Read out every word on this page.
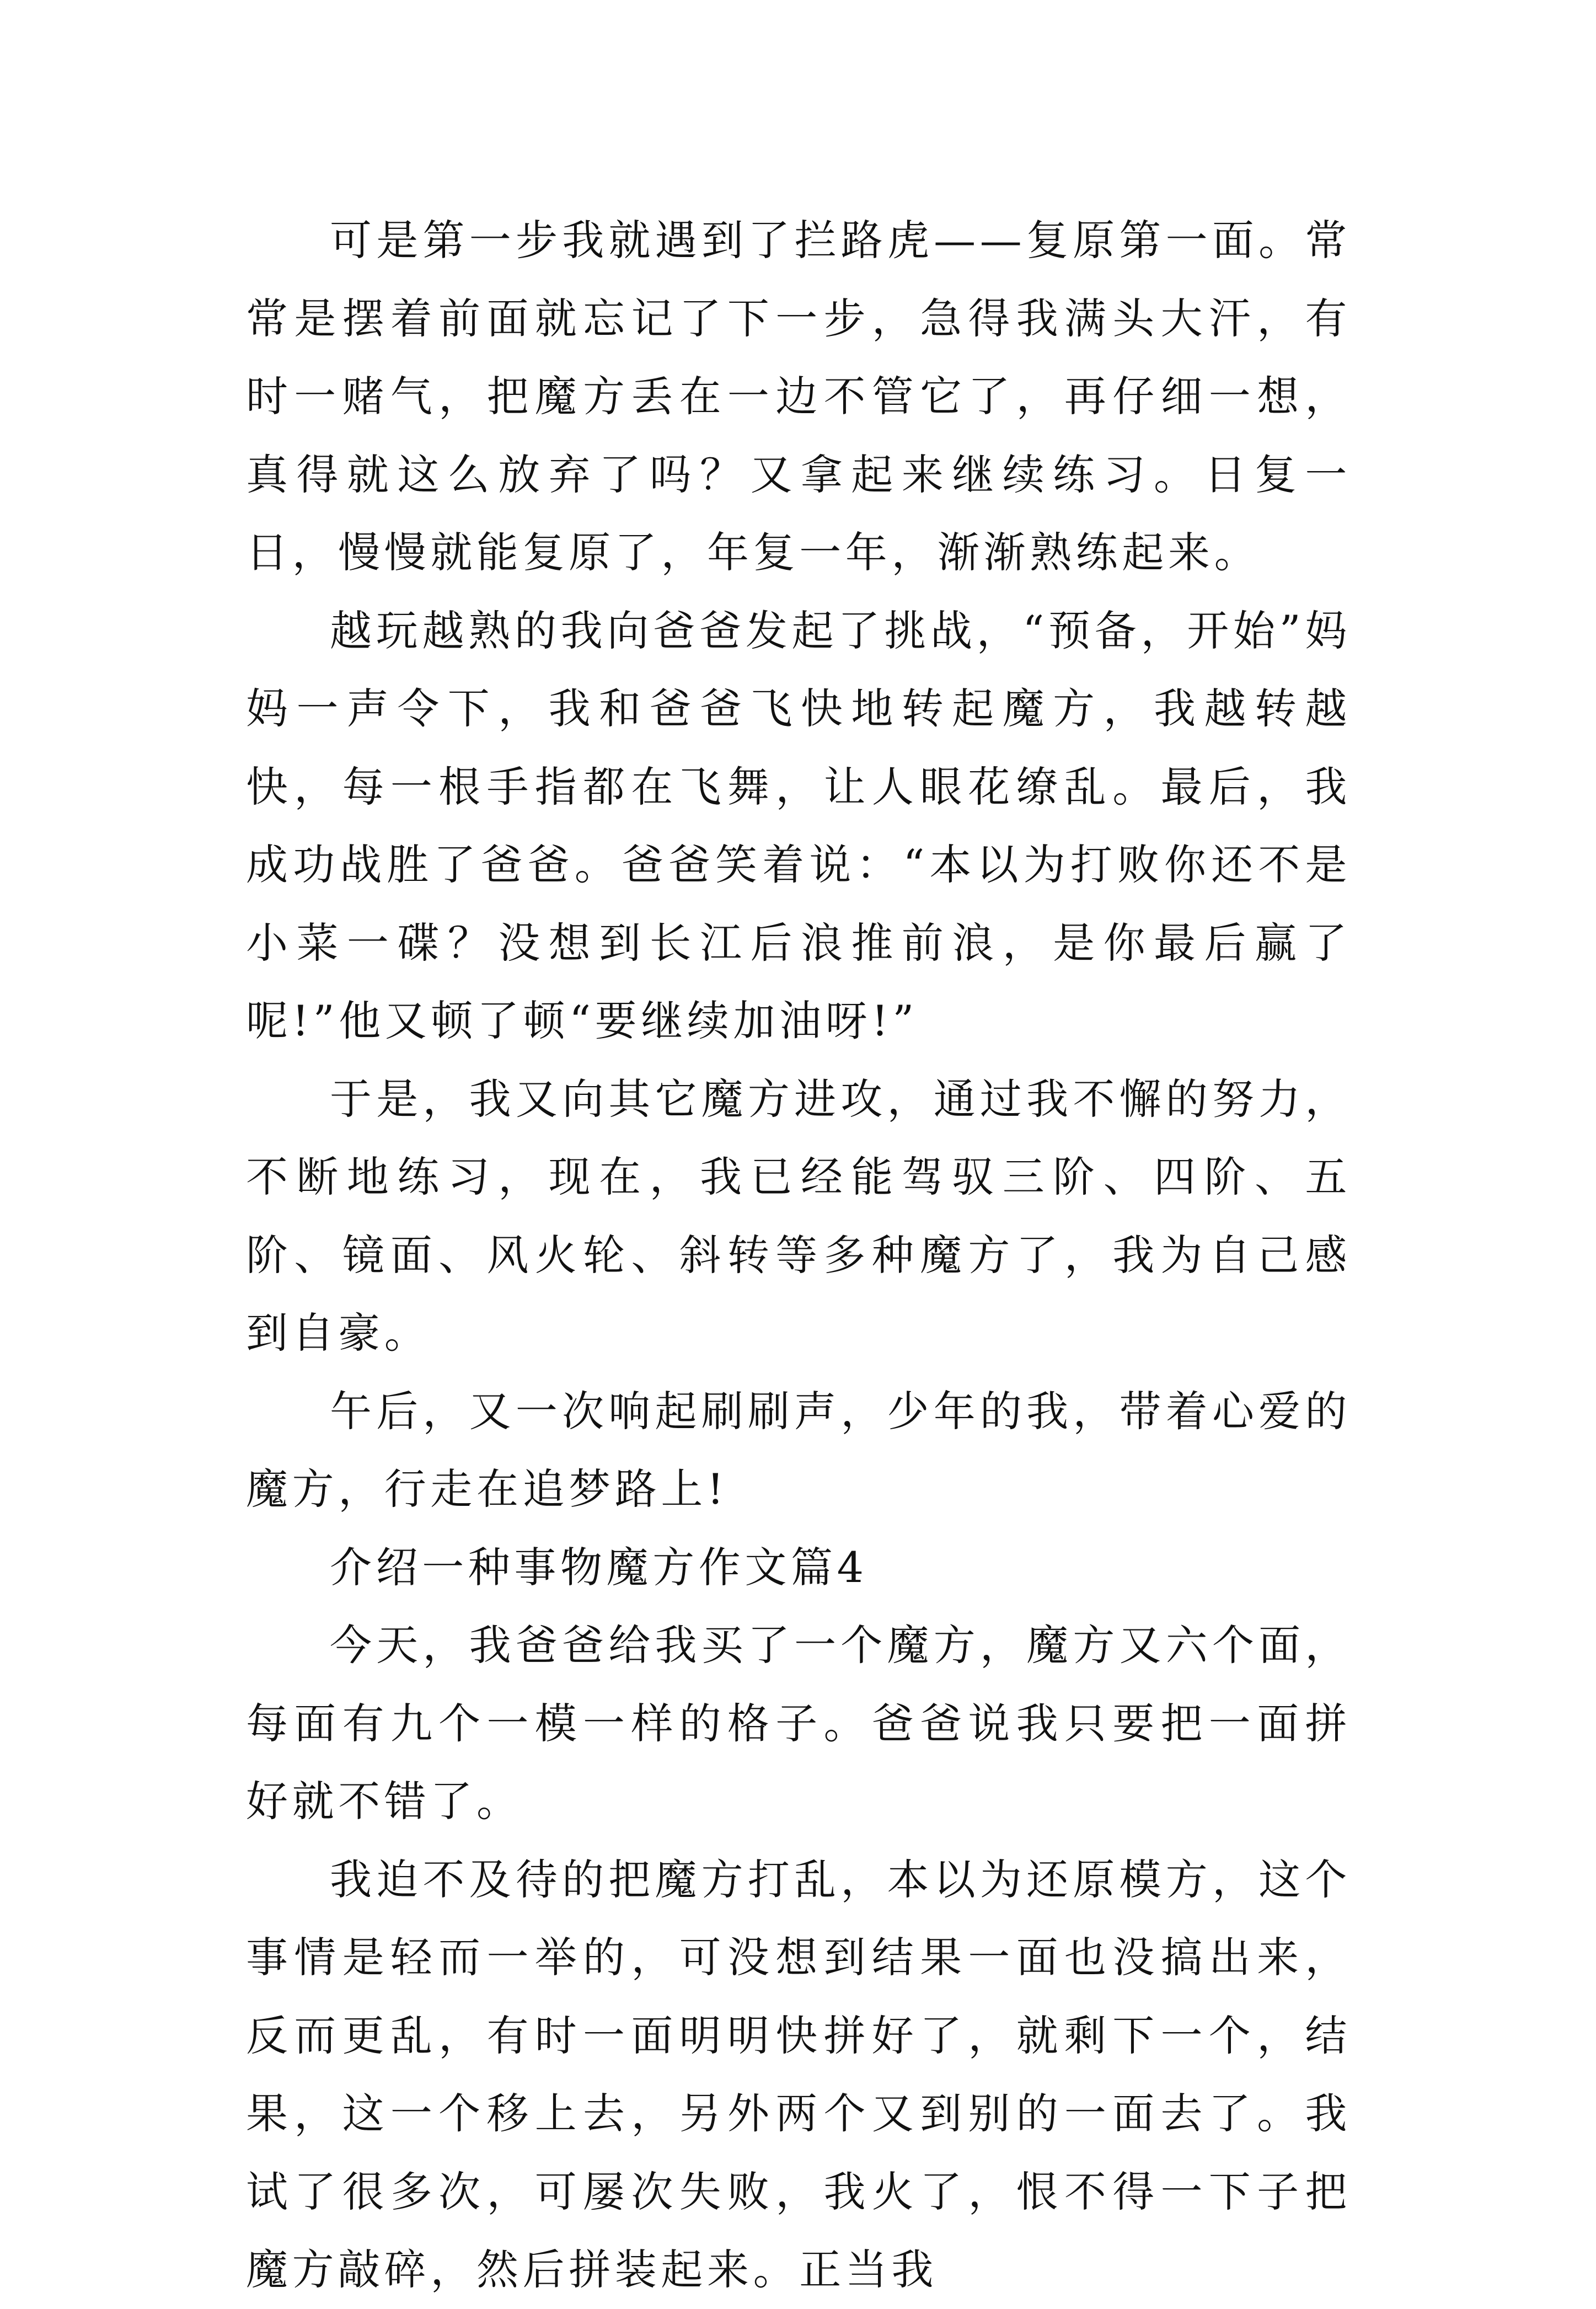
可是第一步我就遇到了拦路虎——复原第一面。常常是摆着前面就忘记了下一步，急得我满头大汗，有时一赌气，把魔方丢在一边不管它了，再仔细一想，真得就这么放弃了吗？又拿起来继续练习。日复一日，慢慢就能复原了，年复一年，渐渐熟练起来。

越玩越熟的我向爸爸发起了挑战，“预备，开始”妈妈一声令下，我和爸爸飞快地转起魔方，我越转越快，每一根手指都在飞舞，让人眼花缭乱。最后，我成功战胜了爸爸。爸爸笑着说：“本以为打败你还不是小菜一碟？没想到长江后浪推前浪，是你最后赢了呢!”他又顿了顿“要继续加油呀!”

于是，我又向其它魔方进攻，通过我不懈的努力，不断地练习，现在，我已经能驾驭三阶、四阶、五阶、镜面、风火轮、斜转等多种魔方了，我为自己感到自豪。

午后，又一次响起刷刷声，少年的我，带着心爱的魔方，行走在追梦路上!

介绍一种事物魔方作文篇4

今天，我爸爸给我买了一个魔方，魔方又六个面，每面有九个一模一样的格子。爸爸说我只要把一面拼好就不错了。

我迫不及待的把魔方打乱，本以为还原模方，这个事情是轻而一举的，可没想到结果一面也没搞出来，反而更乱，有时一面明明快拼好了，就剩下一个，结果，这一个移上去，另外两个又到别的一面去了。我试了很多次，可屡次失败，我火了，恨不得一下子把魔方敲碎，然后拼装起来。正当我
